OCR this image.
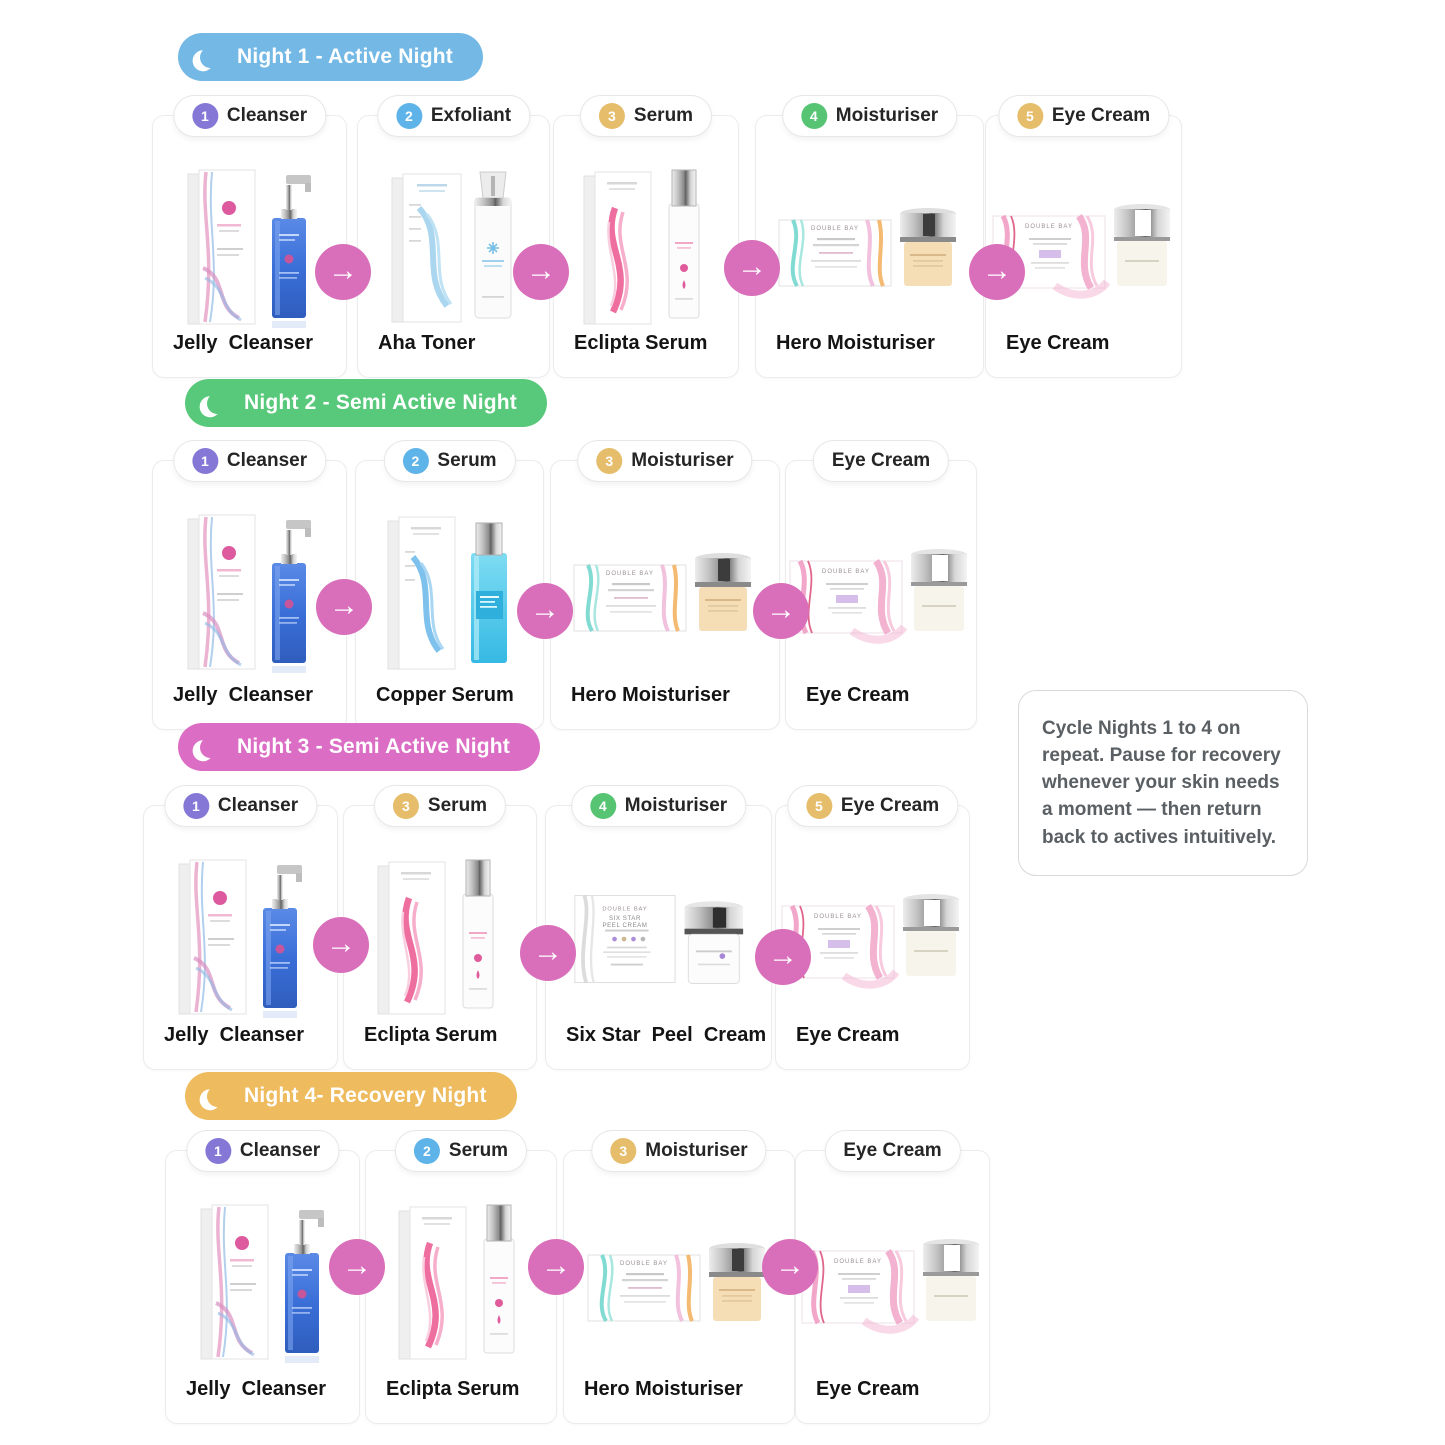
Night 1 - Active Night
1 Cleanser
Jelly  Cleanser
2 Exfoliant
Aha Toner
3 Serum
Eclipta Serum
4 Moisturiser
DOUBLE BAY
Hero Moisturiser
5 Eye Cream
DOUBLE BAY
Eye Cream
Night 2 - Semi Active Night
1 Cleanser
Jelly  Cleanser
2 Serum
Copper Serum
3 Moisturiser
DOUBLE BAY
Hero Moisturiser
Eye Cream
DOUBLE BAY
Eye Cream
Night 3 - Semi Active Night
1 Cleanser
Jelly  Cleanser
3 Serum
Eclipta Serum
4 Moisturiser
DOUBLE BAY
SIX STAR
PEEL CREAM
Six Star  Peel  Cream
5 Eye Cream
DOUBLE BAY
Eye Cream
Night 4- Recovery Night
1 Cleanser
Jelly  Cleanser
2 Serum
Eclipta Serum
3 Moisturiser
DOUBLE BAY
Hero Moisturiser
Eye Cream
DOUBLE BAY
Eye Cream
→	→	→	→
→	→	→
→	→	→
→	→	→
Cycle Nights 1 to 4 on repeat. Pause for recovery whenever your skin needs a moment — then return back to actives intuitively.
